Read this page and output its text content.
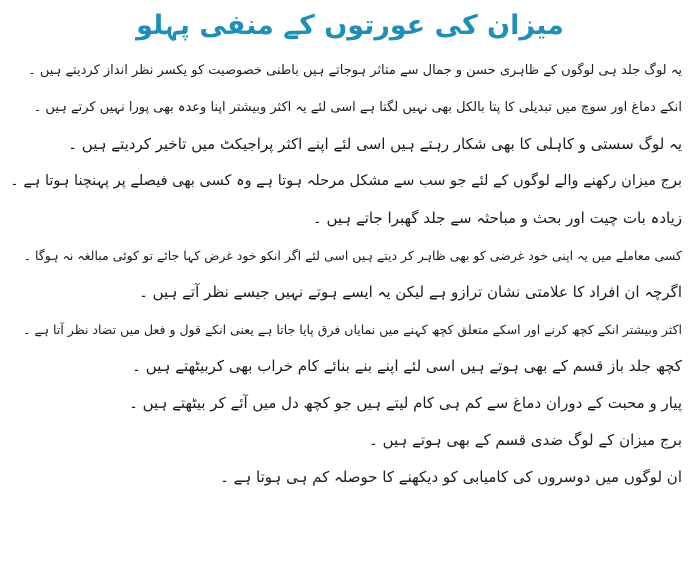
میزان کی عورتوں کے منفی پہلو
یہ لوگ جلد ہی لوگوں کے ظاہری حسن و جمال سے متاثر ہوجاتے ہیں باطنی خصوصیت کو یکسر نظر انداز کردیتے ہیں ۔
انکے دماغ اور سوچ میں تبدیلی کا پتا بالکل بھی نہیں لگتا ہے اسی لئے یہ اکثر وبیشتر اپنا وعدہ بھی پورا نہیں کرتے ہیں ۔
یہ لوگ سستی و کاہلی کا بھی شکار رہتے ہیں اسی لئے اپنے اکثر پراجیکٹ میں تاخیر کردیتے ہیں ۔
برج میزان رکھنے والے لوگوں کے لئے جو سب سے مشکل مرحلہ ہوتا ہے وہ کسی بھی فیصلے پر پہنچنا ہوتا ہے ۔
زیادہ بات چیت اور بحث و مباحثہ سے جلد گھبرا جاتے ہیں ۔
کسی معاملے میں یہ اپنی خود غرضی کو بھی ظاہر کر دیتے ہیں اسی لئے اگر انکو خود غرض کہا جائے تو کوئی مبالغہ نہ ہوگا ۔
اگرچہ ان افراد کا علامتی نشان ترازو ہے لیکن یہ ایسے ہوتے نہیں جیسے نظر آتے ہیں ۔
اکثر وبیشتر انکے کچھ کرنے اور اسکے متعلق کچھ کہنے میں نمایاں فرق پایا جاتا ہے یعنی انکے قول و فعل میں تضاد نظر آتا ہے ۔
کچھ جلد باز قسم کے بھی ہوتے ہیں اسی لئے اپنے بنے بنائے کام خراب بھی کربیٹھتے ہیں ۔
پیار و محبت کے دوران دماغ سے کم ہی کام لیتے ہیں جو کچھ دل میں آئے کر بیٹھتے ہیں ۔
برج میزان کے لوگ ضدی قسم کے بھی ہوتے ہیں ۔
ان لوگوں میں دوسروں کی کامیابی کو دیکھنے کا حوصلہ کم ہی ہوتا ہے ۔
